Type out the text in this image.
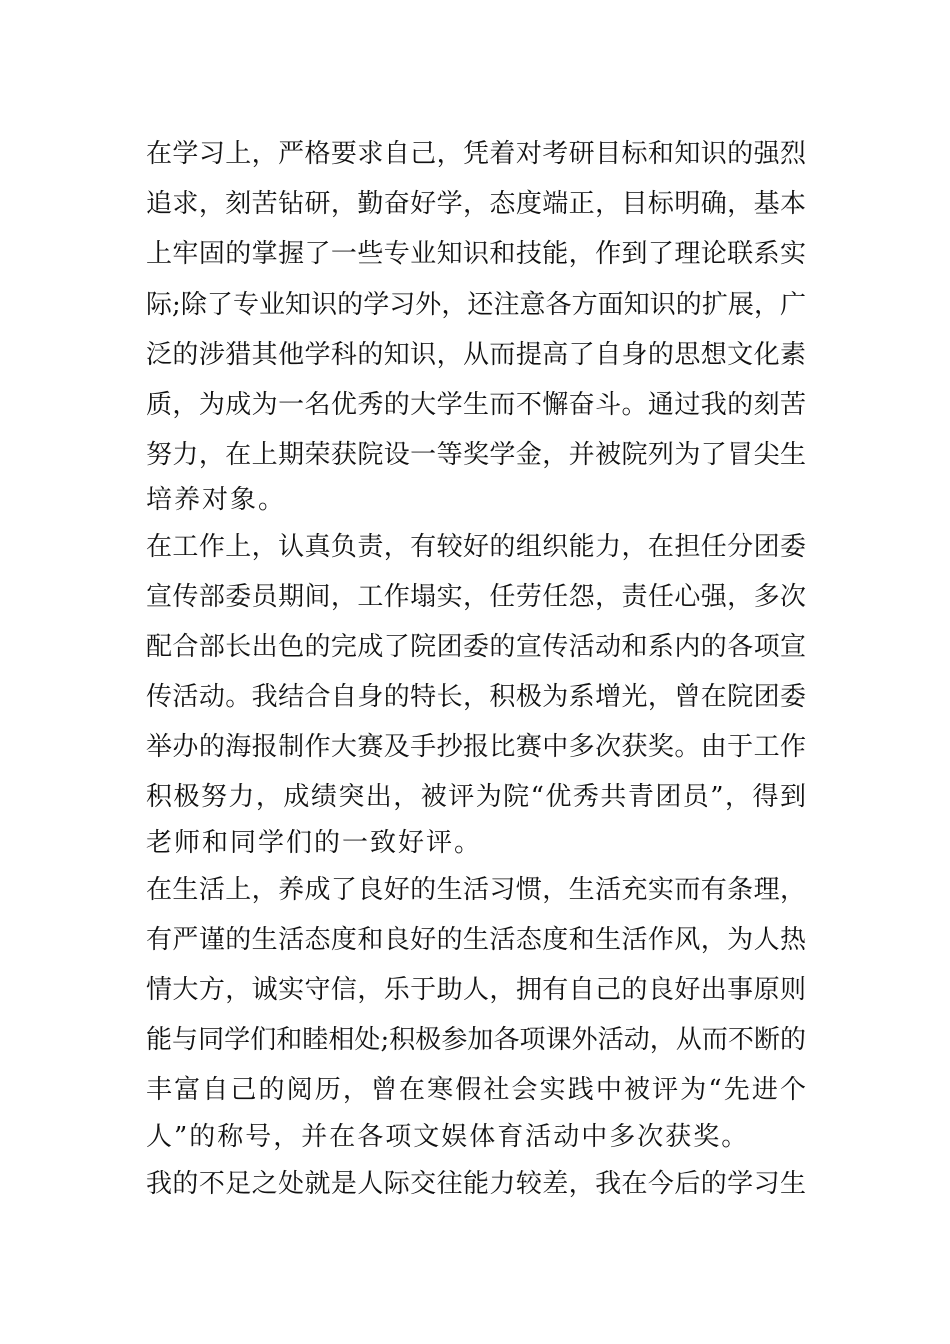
在学习上，严格要求自己，凭着对考研目标和知识的强烈
追求，刻苦钻研，勤奋好学，态度端正，目标明确，基本
上牢固的掌握了一些专业知识和技能，作到了理论联系实
际;除了专业知识的学习外，还注意各方面知识的扩展，广
泛的涉猎其他学科的知识，从而提高了自身的思想文化素
质，为成为一名优秀的大学生而不懈奋斗。通过我的刻苦
努力，在上期荣获院设一等奖学金，并被院列为了冒尖生
培养对象。
在工作上，认真负责，有较好的组织能力，在担任分团委
宣传部委员期间，工作塌实，任劳任怨，责任心强，多次
配合部长出色的完成了院团委的宣传活动和系内的各项宣
传活动。我结合自身的特长，积极为系增光，曾在院团委
举办的海报制作大赛及手抄报比赛中多次获奖。由于工作
积极努力，成绩突出，被评为院“优秀共青团员”，得到
老师和同学们的一致好评。
在生活上，养成了良好的生活习惯，生活充实而有条理，
有严谨的生活态度和良好的生活态度和生活作风，为人热
情大方，诚实守信，乐于助人，拥有自己的良好出事原则
能与同学们和睦相处;积极参加各项课外活动，从而不断的
丰富自己的阅历，曾在寒假社会实践中被评为“先进个
人”的称号，并在各项文娱体育活动中多次获奖。
我的不足之处就是人际交往能力较差，我在今后的学习生
